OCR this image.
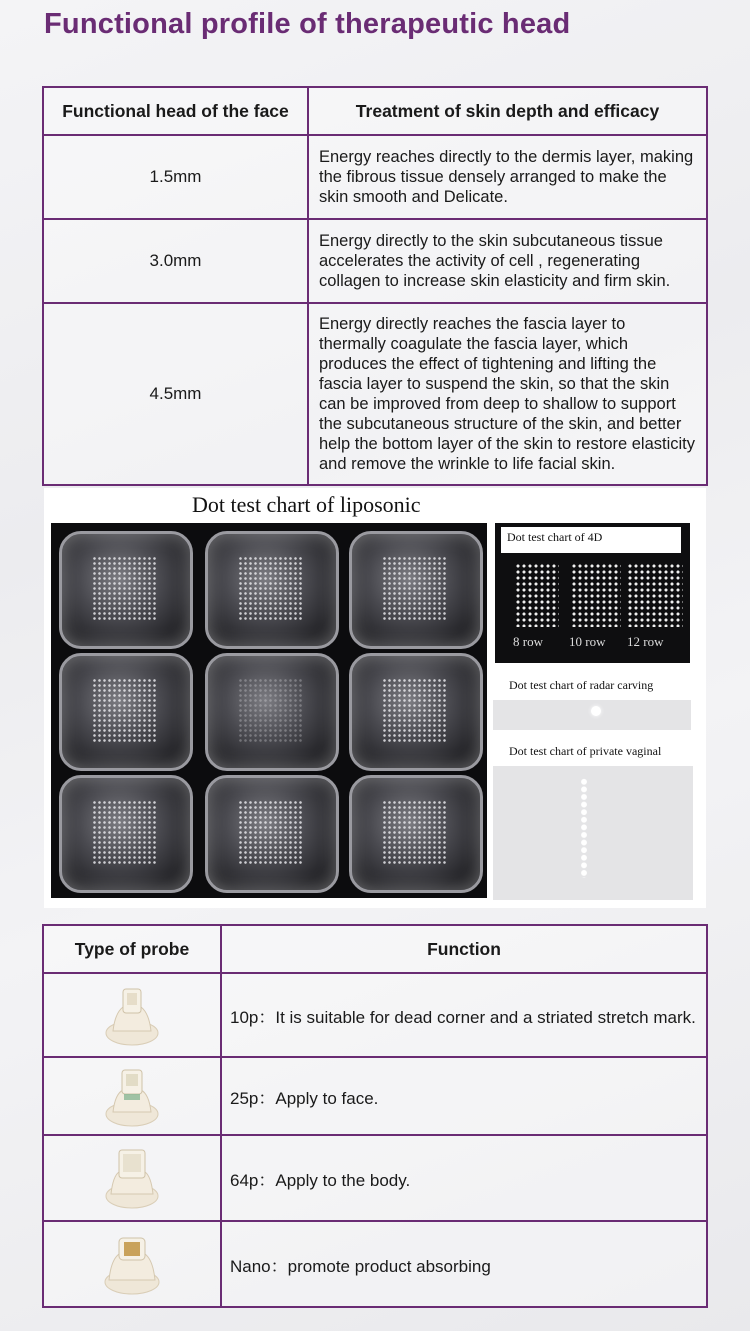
Functional profile of therapeutic head
Functional head of the face	Treatment of skin depth and efficacy
1.5mm	Energy reaches directly to the dermis layer, making the fibrous tissue densely arranged to make the skin smooth and Delicate.
3.0mm	Energy directly to the skin subcutaneous tissue accelerates the activity of cell , regenerating collagen to increase skin elasticity and firm skin.
4.5mm	Energy directly reaches the fascia layer to thermally coagulate the fascia layer, which produces the effect of tightening and lifting the fascia layer to suspend the skin, so that the skin can be improved from deep to shallow to support the subcutaneous structure of the skin, and better help the bottom layer of the skin to restore elasticity and remove the wrinkle to life facial skin.
Dot test chart of liposonic
Dot test chart of 4D
8 row 10 row 12 row
Dot test chart of radar carving
Dot test chart of private vaginal
Type of probe	Function

	10p：It is suitable for dead corner and a striated stretch mark.

	25p：Apply to face.

	64p：Apply to the body.

	Nano：promote product absorbing
